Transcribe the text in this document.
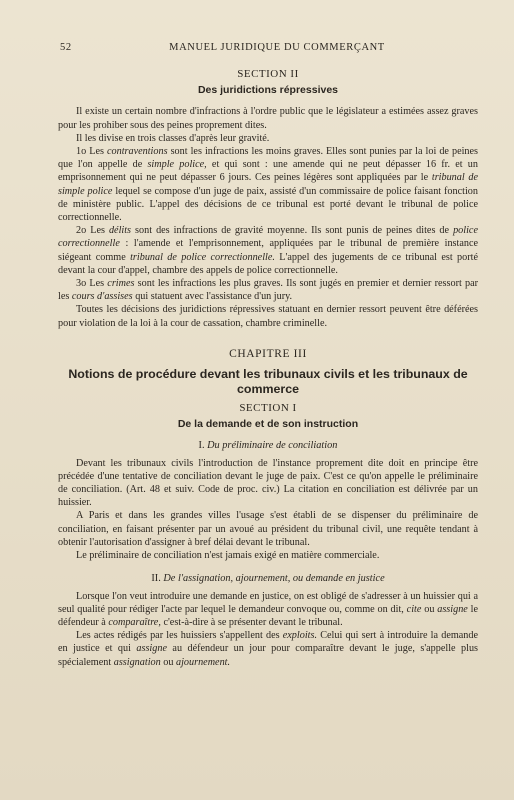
52	MANUEL JURIDIQUE DU COMMERÇANT
SECTION II
Des juridictions répressives

Il existe un certain nombre d'infractions à l'ordre public que le législateur a estimées assez graves pour les prohiber sous des peines proprement dites.

Il les divise en trois classes d'après leur gravité.

1o Les contraventions sont les infractions les moins graves. Elles sont punies par la loi de peines que l'on appelle de simple police, et qui sont : une amende qui ne peut dépasser 16 fr. et un emprisonnement qui ne peut dépasser 6 jours. Ces peines légères sont appliquées par le tribunal de simple police lequel se compose d'un juge de paix, assisté d'un commissaire de police faisant fonction de ministère public. L'appel des décisions de ce tribunal est porté devant le tribunal de police correctionnelle.

2o Les délits sont des infractions de gravité moyenne. Ils sont punis de peines dites de police correctionnelle : l'amende et l'emprisonnement, appliquées par le tribunal de première instance siégeant comme tribunal de police correctionnelle. L'appel des jugements de ce tribunal est porté devant la cour d'appel, chambre des appels de police correctionnelle.

3o Les crimes sont les infractions les plus graves. Ils sont jugés en premier et dernier ressort par les cours d'assises qui statuent avec l'assistance d'un jury.

Toutes les décisions des juridictions répressives statuant en dernier ressort peuvent être déférées pour violation de la loi à la cour de cassation, chambre criminelle.

CHAPITRE III
Notions de procédure devant les tribunaux civils et les tribunaux de commerce
SECTION I
De la demande et de son instruction
I. Du préliminaire de conciliation

Devant les tribunaux civils l'introduction de l'instance proprement dite doit en principe être précédée d'une tentative de conciliation devant le juge de paix. C'est ce qu'on appelle le préliminaire de conciliation. (Art. 48 et suiv. Code de proc. civ.) La citation en conciliation est délivrée par un huissier.

A Paris et dans les grandes villes l'usage s'est établi de se dispenser du préliminaire de conciliation, en faisant présenter par un avoué au président du tribunal civil, une requête tendant à obtenir l'autorisation d'assigner à bref délai devant le tribunal.

Le préliminaire de conciliation n'est jamais exigé en matière commerciale.

II. De l'assignation, ajournement, ou demande en justice

Lorsque l'on veut introduire une demande en justice, on est obligé de s'adresser à un huissier qui a seul qualité pour rédiger l'acte par lequel le demandeur convoque ou, comme on dit, cite ou assigne le défendeur à comparaître, c'est-à-dire à se présenter devant le tribunal.

Les actes rédigés par les huissiers s'appellent des exploits. Celui qui sert à introduire la demande en justice et qui assigne au défendeur un jour pour comparaître devant le juge, s'appelle plus spécialement assignation ou ajournement.
